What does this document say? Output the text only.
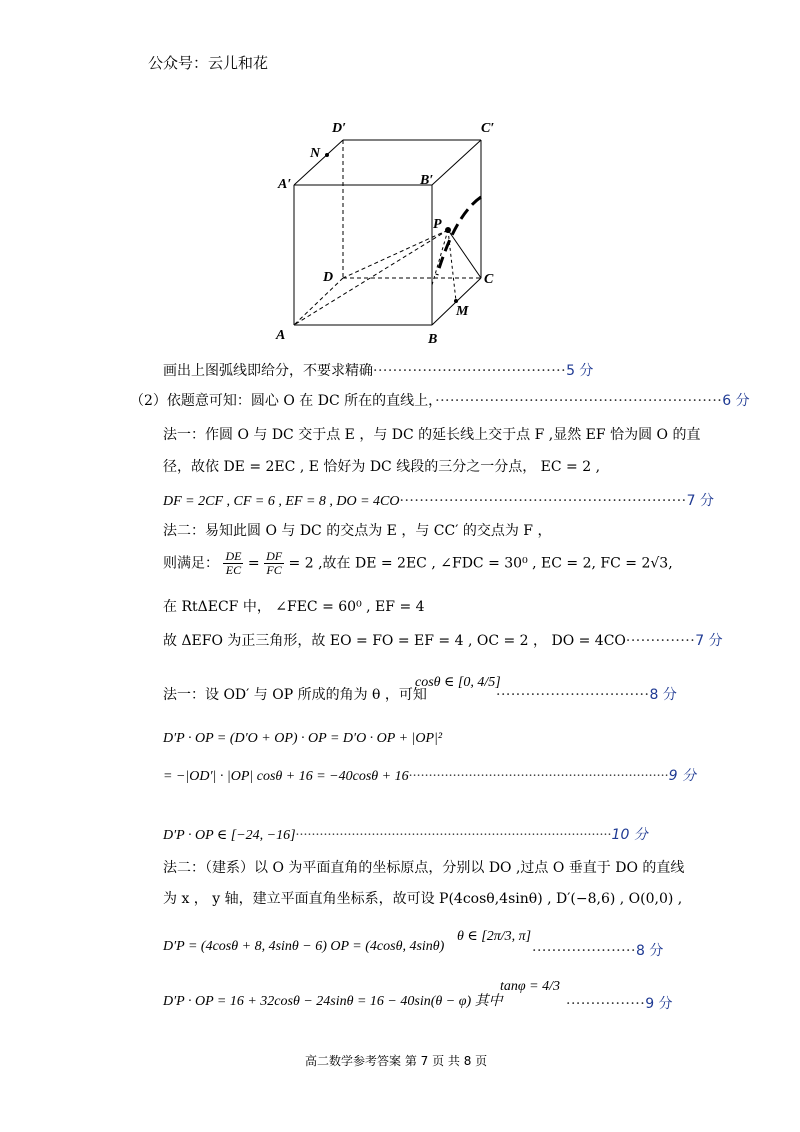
公众号：云儿和花
D′	C′
N
A′	B′
P
D	C
M
A	B
画出上图弧线即给分，不要求精确·······································5 分
（2）依题意可知：圆心 O 在 DC 所在的直线上，··························································6 分
法一：作圆 O 与 DC 交于点 E ，与 DC 的延长线上交于点 F ,显然 EF 恰为圆 O 的直
径，故依 DE = 2EC , E 恰好为 DC 线段的三分之一分点， EC = 2 ,
DF = 2CF , CF = 6 , EF = 8 , DO = 4CO··························································7 分
法二：易知此圆 O 与 DC 的交点为 E ，与 CC′ 的交点为 F ，
则满足： $\frac{DE}{EC} = \frac{DF}{FC} = 2$ ,故在 DE = 2EC , ∠FDC = 30⁰ , EC = 2, FC = 2√3,
在 RtΔECF 中， ∠FEC = 60⁰ , EF = 4
故 ΔEFO 为正三角形，故 EO = FO = EF = 4 , OC = 2 ， DO = 4CO··············7 分
法一：设 OD′ 与 OP 所成的角为 θ ，可知
cosθ ∈ [0, 4/5]
·······························8 分
D′P · OP = (D′O + OP) · OP = D′O · OP + |OP|²
= −|OD′| · |OP| cosθ + 16 = −40cosθ + 16·································································9 分
D′P · OP ∈ [−24, −16]···············································································10 分
法二：（建系）以 O 为平面直角的坐标原点，分别以 DO ,过点 O 垂直于 DO 的直线
为 x ， y 轴，建立平面直角坐标系，故可设 P(4cosθ,4sinθ) , D′(−8,6) , O(0,0) ,
D′P = (4cosθ + 8, 4sinθ − 6) OP = (4cosθ, 4sinθ)
θ ∈ [2π/3, π]
·····················8 分
D′P · OP = 16 + 32cosθ − 24sinθ = 16 − 40sin(θ − φ) 其中
tanφ = 4/3
················9 分
高二数学参考答案 第 7 页 共 8 页
